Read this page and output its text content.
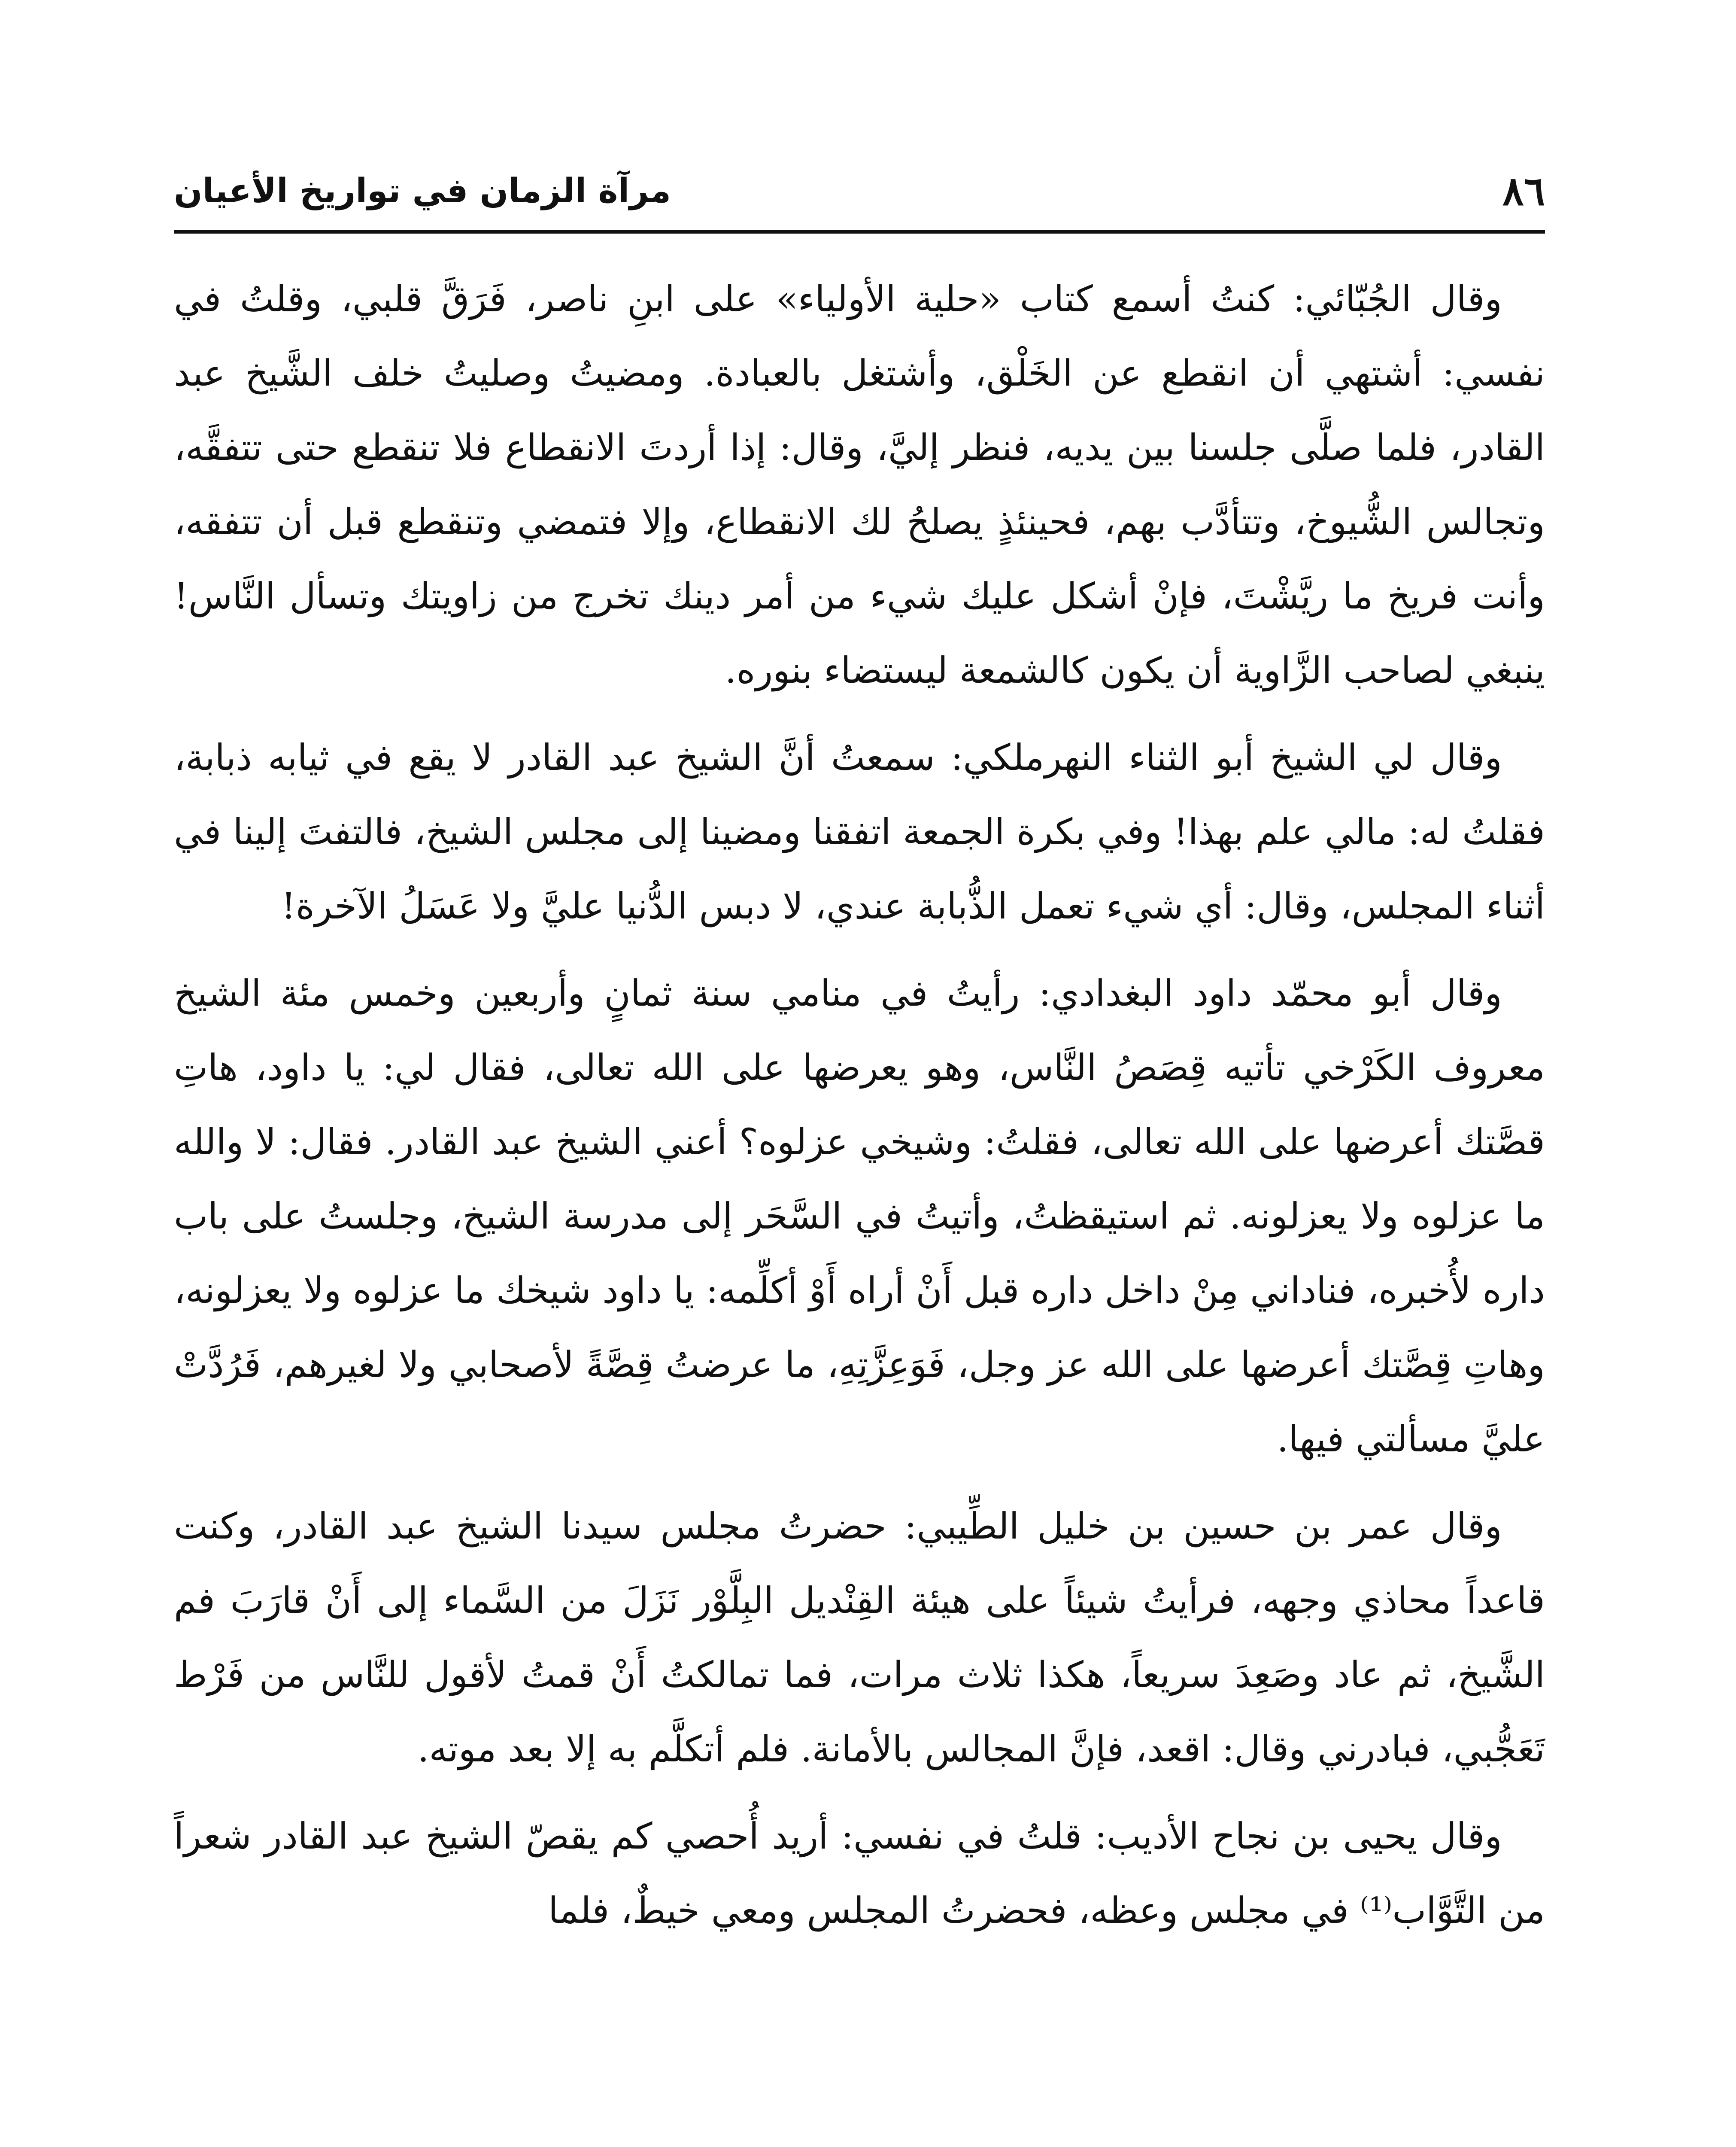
٨٦
مرآة الزمان في تواريخ الأعيان

وقال الجُبّائي: كنتُ أسمع كتاب «حلية الأولياء» على ابنِ ناصر، فَرَقَّ قلبي، وقلتُ في نفسي: أشتهي أن انقطع عن الخَلْق، وأشتغل بالعبادة. ومضيتُ وصليتُ خلف الشَّيخ عبد القادر، فلما صلَّى جلسنا بين يديه، فنظر إليَّ، وقال: إذا أردتَ الانقطاع فلا تنقطع حتى تتفقَّه، وتجالس الشُّيوخ، وتتأدَّب بهم، فحينئذٍ يصلحُ لك الانقطاع، وإلا فتمضي وتنقطع قبل أن تتفقه، وأنت فريخ ما ريَّشْتَ، فإنْ أشكل عليك شيء من أمر دينك تخرج من زاويتك وتسأل النَّاس! ينبغي لصاحب الزَّاوية أن يكون كالشمعة ليستضاء بنوره.

وقال لي الشيخ أبو الثناء النهرملكي: سمعتُ أنَّ الشيخ عبد القادر لا يقع في ثيابه ذبابة، فقلتُ له: مالي علم بهذا! وفي بكرة الجمعة اتفقنا ومضينا إلى مجلس الشيخ، فالتفتَ إلينا في أثناء المجلس، وقال: أي شيء تعمل الذُّبابة عندي، لا دبس الدُّنيا عليَّ ولا عَسَلُ الآخرة!

وقال أبو محمّد داود البغدادي: رأيتُ في منامي سنة ثمانٍ وأربعين وخمس مئة الشيخ معروف الكَرْخي تأتيه قِصَصُ النَّاس، وهو يعرضها على الله تعالى، فقال لي: يا داود، هاتِ قصَّتك أعرضها على الله تعالى، فقلتُ: وشيخي عزلوه؟ أعني الشيخ عبد القادر. فقال: لا والله ما عزلوه ولا يعزلونه. ثم استيقظتُ، وأتيتُ في السَّحَر إلى مدرسة الشيخ، وجلستُ على باب داره لأُخبره، فناداني مِنْ داخل داره قبل أَنْ أراه أَوْ أكلِّمه: يا داود شيخك ما عزلوه ولا يعزلونه، وهاتِ قِصَّتك أعرضها على الله عز وجل، فَوَعِزَّتِهِ، ما عرضتُ قِصَّةً لأصحابي ولا لغيرهم، فَرُدَّتْ عليَّ مسألتي فيها.

وقال عمر بن حسين بن خليل الطِّيبي: حضرتُ مجلس سيدنا الشيخ عبد القادر، وكنت قاعداً محاذي وجهه، فرأيتُ شيئاً على هيئة القِنْديل البِلَّوْر نَزَلَ من السَّماء إلى أَنْ قارَبَ فم الشَّيخ، ثم عاد وصَعِدَ سريعاً، هكذا ثلاث مرات، فما تمالكتُ أَنْ قمتُ لأقول للنَّاس من فَرْط تَعَجُّبي، فبادرني وقال: اقعد، فإنَّ المجالس بالأمانة. فلم أتكلَّم به إلا بعد موته.

وقال يحيى بن نجاح الأديب: قلتُ في نفسي: أريد أُحصي كم يقصّ الشيخ عبد القادر شعراً من التَّوَّاب⁽¹⁾ في مجلس وعظه، فحضرتُ المجلس ومعي خيطٌ، فلما
